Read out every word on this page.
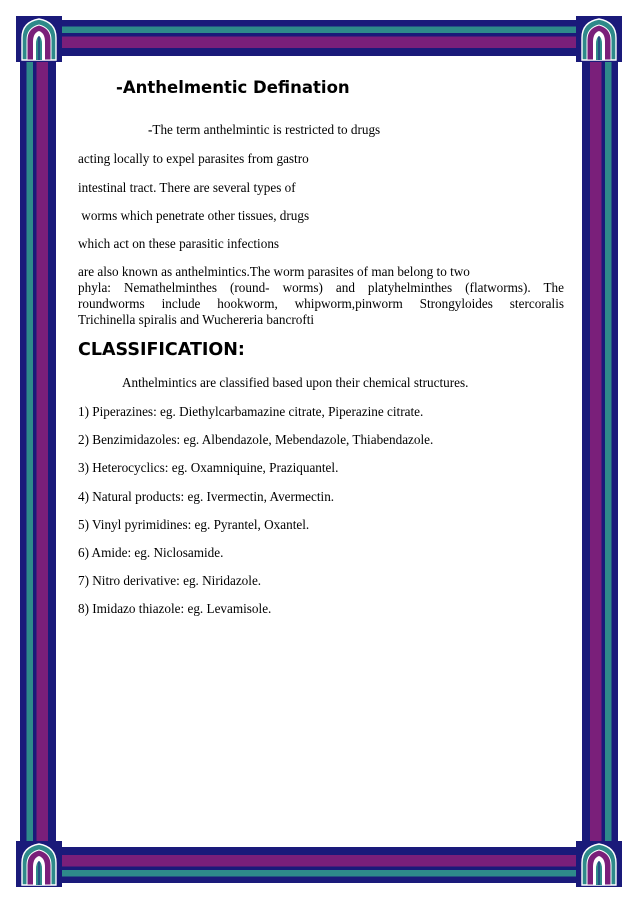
-Anthelmentic Defination
-The term anthelmintic is restricted to drugs
acting locally to expel parasites from gastro
intestinal tract. There are several types of
worms which penetrate other tissues, drugs
which act on these parasitic infections
are also known as anthelmintics.The worm parasites of man belong to two
phyla: Nemathelminthes (round- worms) and platyhelminthes (flatworms). The
roundworms include hookworm, whipworm,pinworm Strongyloides stercoralis
Trichinella spiralis and Wuchereria bancrofti
CLASSIFICATION:
Anthelmintics are classified based upon their chemical structures.
1) Piperazines: eg. Diethylcarbamazine citrate, Piperazine citrate.
2) Benzimidazoles: eg. Albendazole, Mebendazole, Thiabendazole.
3) Heterocyclics: eg. Oxamniquine, Praziquantel.
4) Natural products: eg. Ivermectin, Avermectin.
5) Vinyl pyrimidines: eg. Pyrantel, Oxantel.
6) Amide: eg. Niclosamide.
7) Nitro derivative: eg. Niridazole.
8) Imidazo thiazole: eg. Levamisole.
